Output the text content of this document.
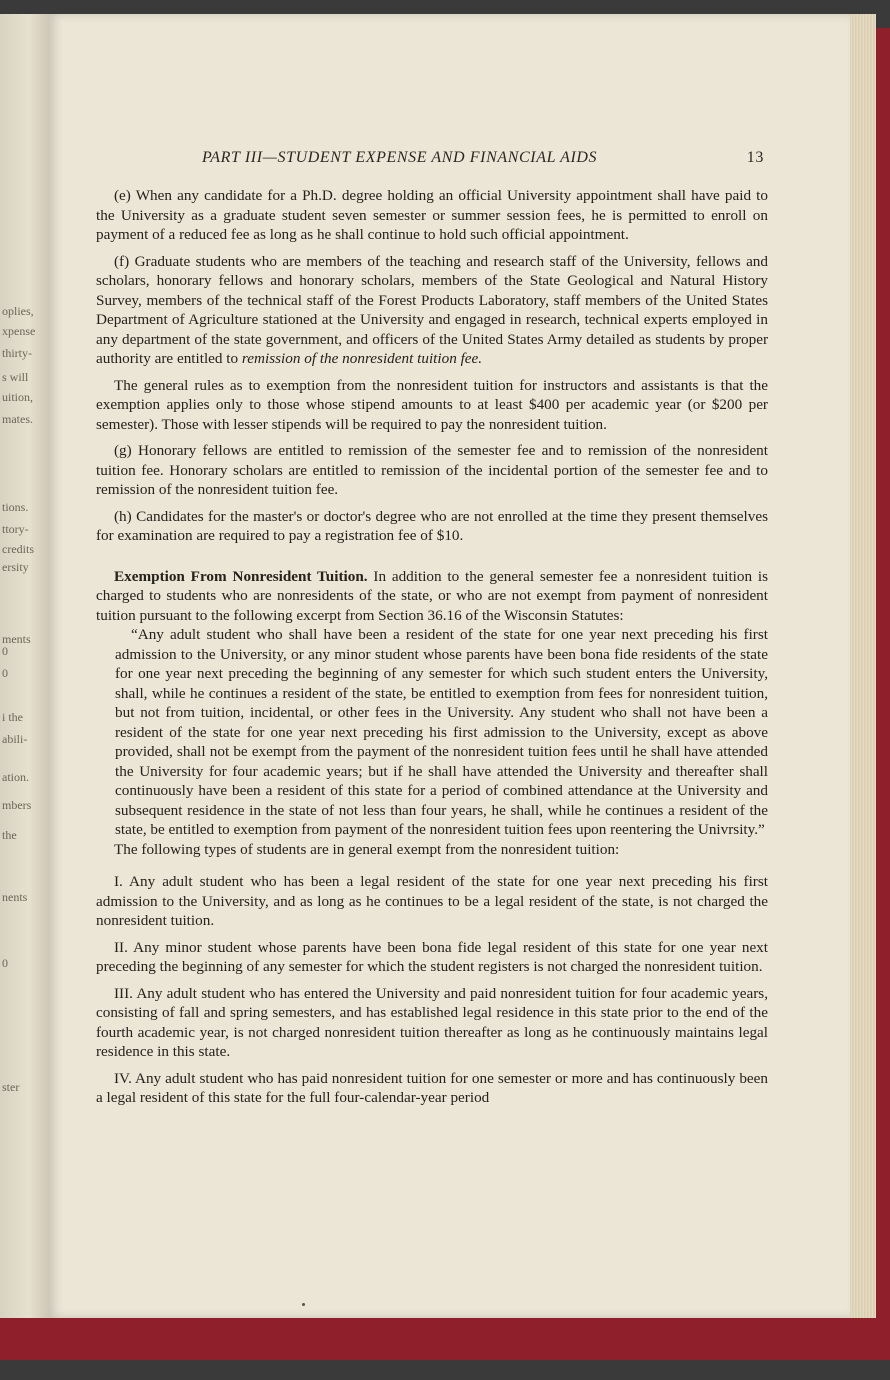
oplies,
xpense
thirty-
s will
uition,
mates.
tions.
ttory-
credits
ersity
ments
0
0
i the
abili-
ation.
mbers
the
nents
0
ster
PART III—STUDENT EXPENSE AND FINANCIAL AIDS	13

(e) When any candidate for a Ph.D. degree holding an official University appointment shall have paid to the University as a graduate student seven semester or summer session fees, he is permitted to enroll on payment of a reduced fee as long as he shall continue to hold such official appointment.

(f) Graduate students who are members of the teaching and research staff of the University, fellows and scholars, honorary fellows and honorary scholars, members of the State Geological and Natural History Survey, members of the technical staff of the Forest Products Laboratory, staff members of the United States Department of Agriculture stationed at the University and engaged in research, technical experts employed in any department of the state government, and officers of the United States Army detailed as students by proper authority are entitled to remission of the nonresident tuition fee.

The general rules as to exemption from the nonresident tuition for instructors and assistants is that the exemption applies only to those whose stipend amounts to at least $400 per academic year (or $200 per semester). Those with lesser stipends will be required to pay the nonresident tuition.

(g) Honorary fellows are entitled to remission of the semester fee and to remission of the nonresident tuition fee. Honorary scholars are entitled to remission of the incidental portion of the semester fee and to remission of the nonresident tuition fee.

(h) Candidates for the master's or doctor's degree who are not enrolled at the time they present themselves for examination are required to pay a registration fee of $10.

Exemption From Nonresident Tuition. In addition to the general semester fee a nonresident tuition is charged to students who are nonresidents of the state, or who are not exempt from payment of nonresident tuition pursuant to the following excerpt from Section 36.16 of the Wisconsin Statutes:

“Any adult student who shall have been a resident of the state for one year next preceding his first admission to the University, or any minor student whose parents have been bona fide residents of the state for one year next preceding the beginning of any semester for which such student enters the University, shall, while he continues a resident of the state, be entitled to exemption from fees for nonresident tuition, but not from tuition, incidental, or other fees in the University. Any student who shall not have been a resident of the state for one year next preceding his first admission to the University, except as above provided, shall not be exempt from the payment of the nonresident tuition fees until he shall have attended the University for four academic years; but if he shall have attended the University and thereafter shall continuously have been a resident of this state for a period of combined attendance at the University and subsequent residence in the state of not less than four years, he shall, while he continues a resident of the state, be entitled to exemption from payment of the nonresident tuition fees upon reentering the Univrsity.”

The following types of students are in general exempt from the nonresident tuition:

I. Any adult student who has been a legal resident of the state for one year next preceding his first admission to the University, and as long as he continues to be a legal resident of the state, is not charged the nonresident tuition.

II. Any minor student whose parents have been bona fide legal resident of this state for one year next preceding the beginning of any semester for which the student registers is not charged the nonresident tuition.

III. Any adult student who has entered the University and paid nonresident tuition for four academic years, consisting of fall and spring semesters, and has established legal residence in this state prior to the end of the fourth academic year, is not charged nonresident tuition thereafter as long as he continuously maintains legal residence in this state.

IV. Any adult student who has paid nonresident tuition for one semester or more and has continuously been a legal resident of this state for the full four-calendar-year period
